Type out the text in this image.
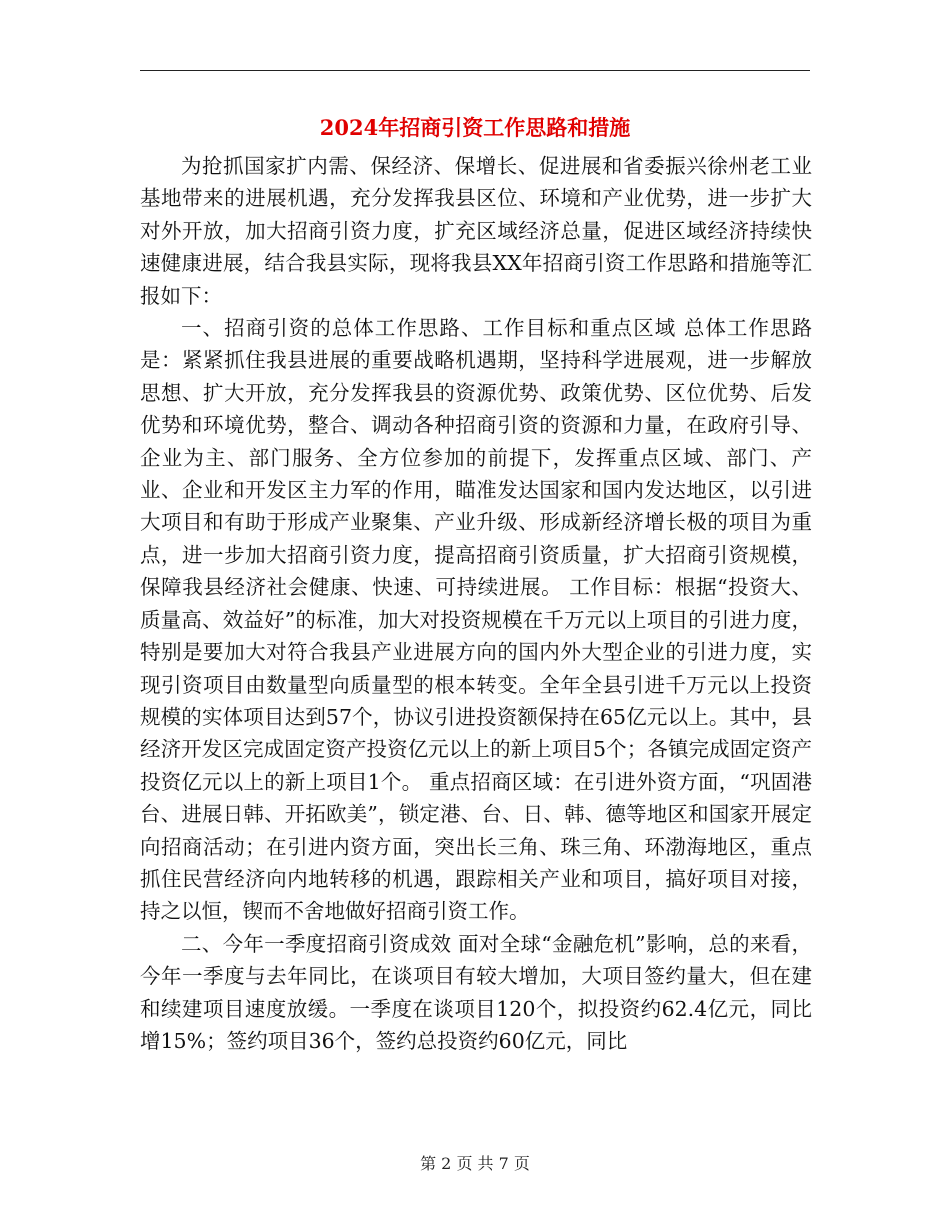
2024年招商引资工作思路和措施

为抢抓国家扩内需、保经济、保增长、促进展和省委振兴徐州老工业基地带来的进展机遇，充分发挥我县区位、环境和产业优势，进一步扩大对外开放，加大招商引资力度，扩充区域经济总量，促进区域经济持续快速健康进展，结合我县实际，现将我县XX年招商引资工作思路和措施等汇报如下：

一、招商引资的总体工作思路、工作目标和重点区域 总体工作思路是：紧紧抓住我县进展的重要战略机遇期，坚持科学进展观，进一步解放思想、扩大开放，充分发挥我县的资源优势、政策优势、区位优势、后发优势和环境优势，整合、调动各种招商引资的资源和力量，在政府引导、企业为主、部门服务、全方位参加的前提下，发挥重点区域、部门、产业、企业和开发区主力军的作用，瞄准发达国家和国内发达地区，以引进大项目和有助于形成产业聚集、产业升级、形成新经济增长极的项目为重点，进一步加大招商引资力度，提高招商引资质量，扩大招商引资规模，保障我县经济社会健康、快速、可持续进展。 工作目标：根据“投资大、质量高、效益好”的标准，加大对投资规模在千万元以上项目的引进力度，特别是要加大对符合我县产业进展方向的国内外大型企业的引进力度，实现引资项目由数量型向质量型的根本转变。全年全县引进千万元以上投资规模的实体项目达到57个，协议引进投资额保持在65亿元以上。其中，县经济开发区完成固定资产投资亿元以上的新上项目5个；各镇完成固定资产投资亿元以上的新上项目1个。 重点招商区域：在引进外资方面，“巩固港台、进展日韩、开拓欧美”，锁定港、台、日、韩、德等地区和国家开展定向招商活动；在引进内资方面，突出长三角、珠三角、环渤海地区，重点抓住民营经济向内地转移的机遇，跟踪相关产业和项目，搞好项目对接，持之以恒，锲而不舍地做好招商引资工作。

二、今年一季度招商引资成效 面对全球“金融危机”影响，总的来看，今年一季度与去年同比，在谈项目有较大增加，大项目签约量大，但在建和续建项目速度放缓。一季度在谈项目120个，拟投资约62.4亿元，同比增15%；签约项目36个，签约总投资约60亿元，同比

第 2 页 共 7 页
